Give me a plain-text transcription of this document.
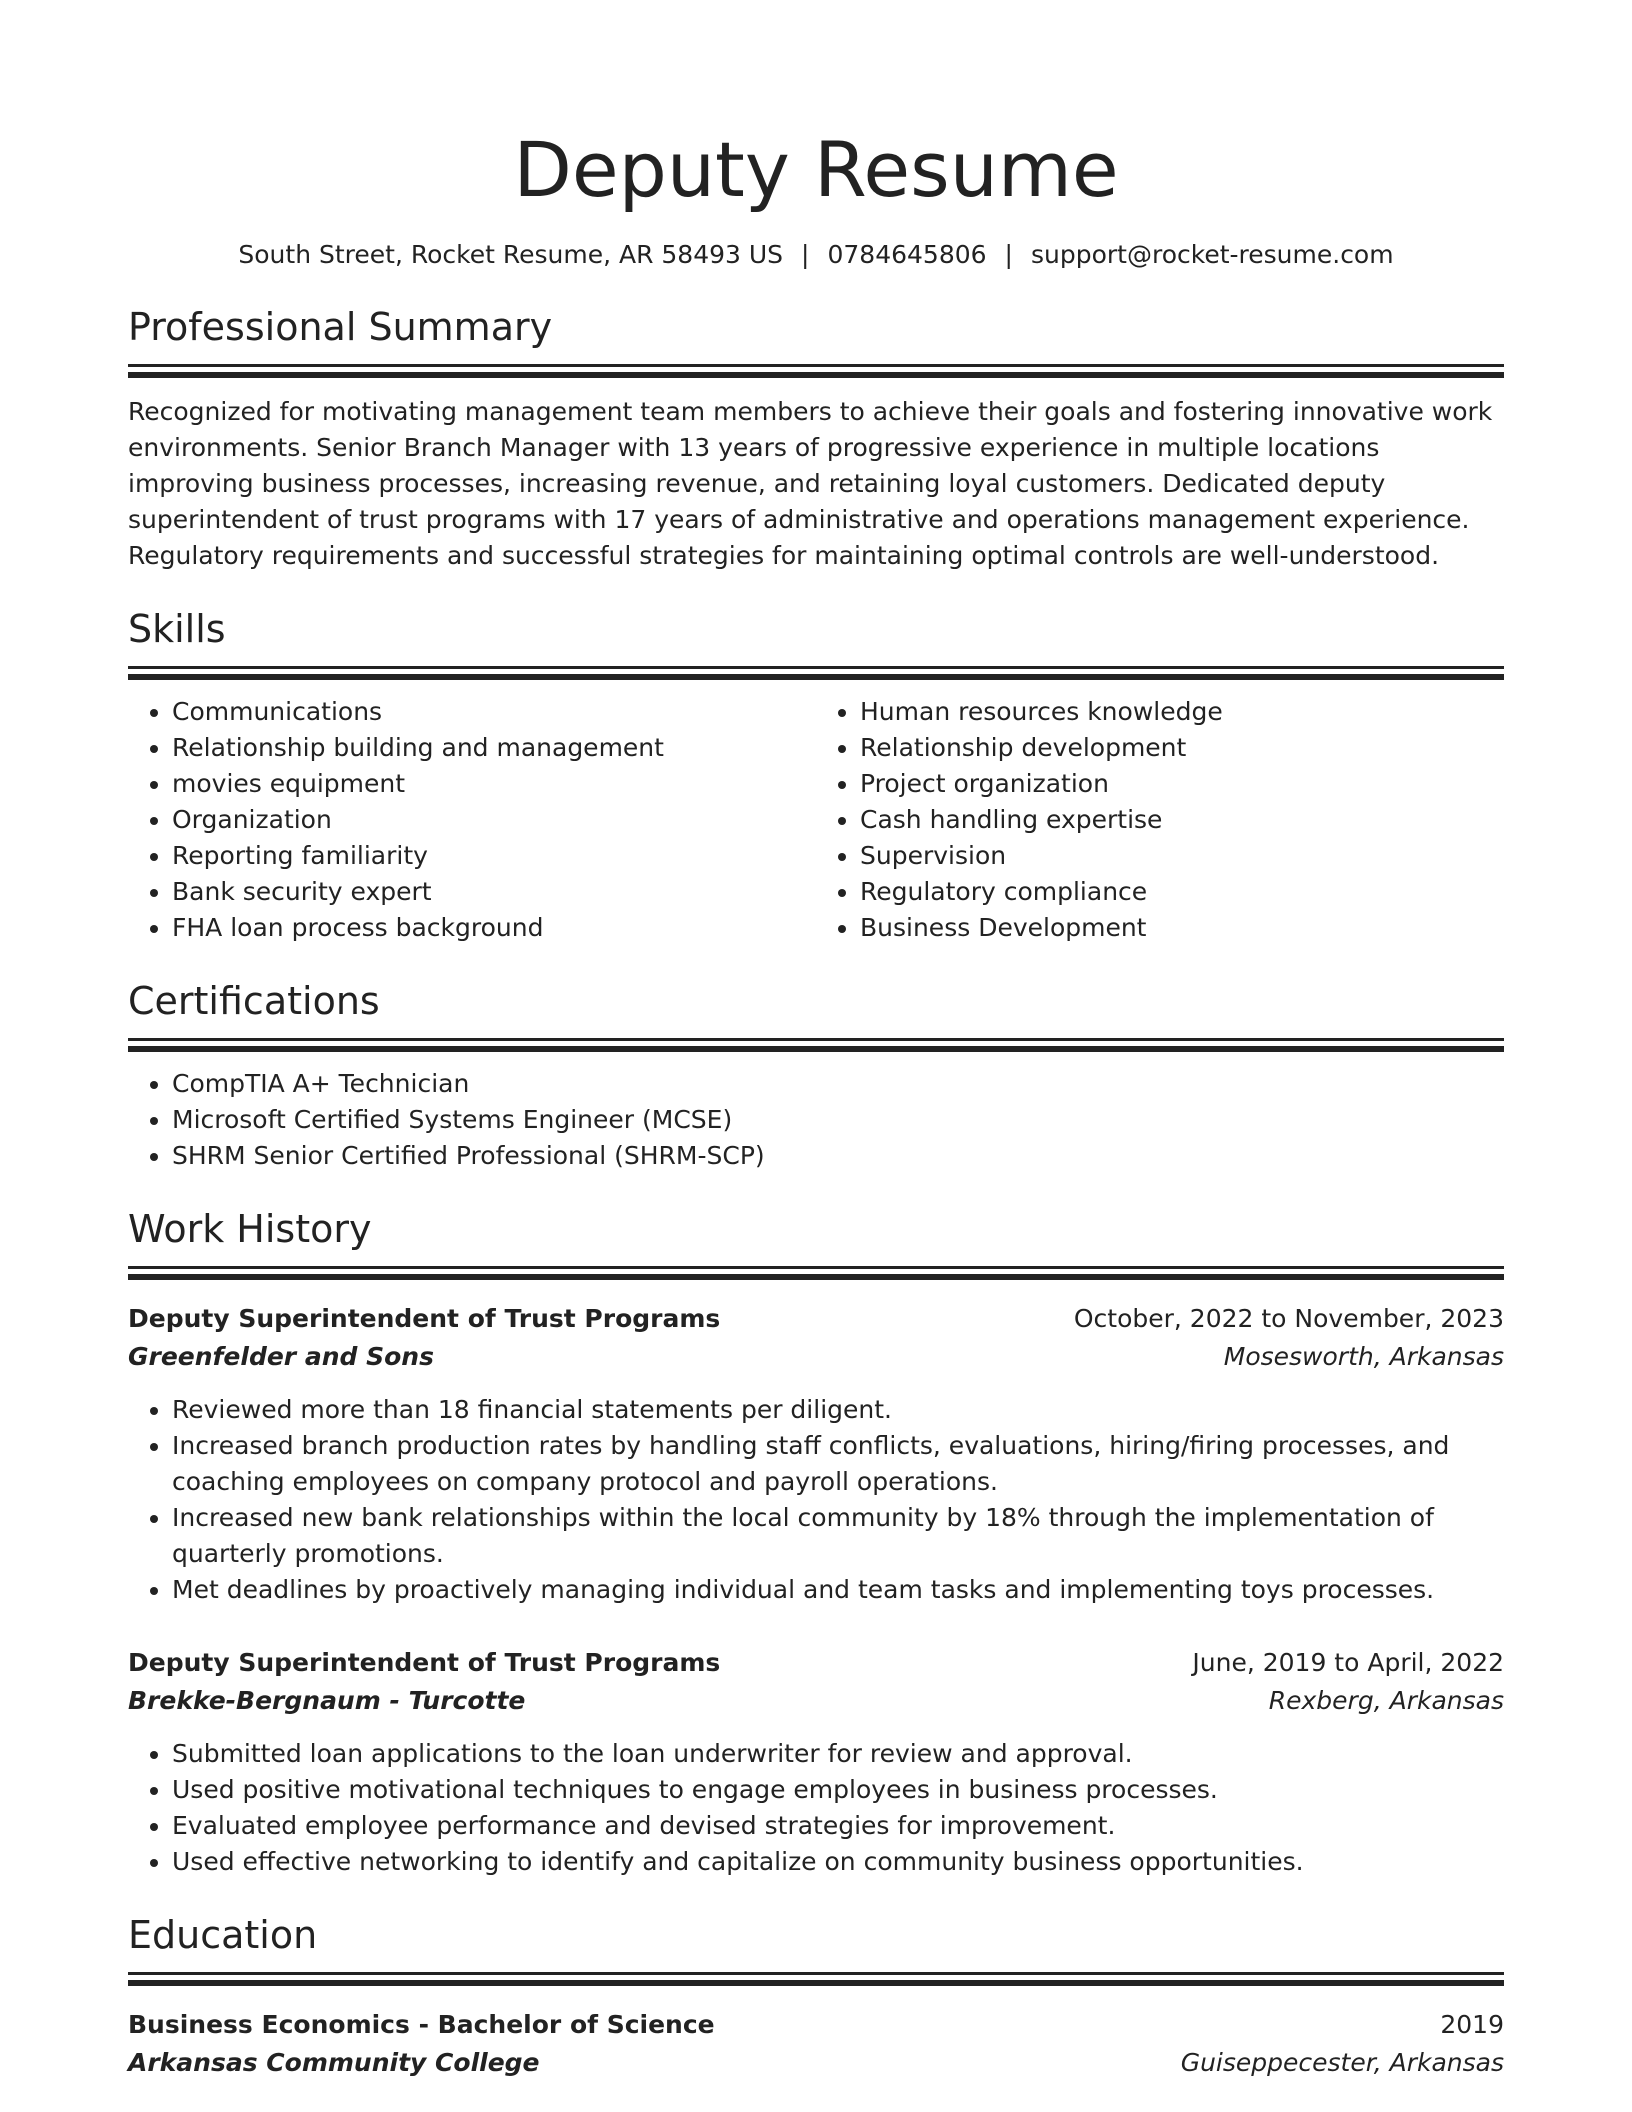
Deputy Resume
South Street, Rocket Resume, AR 58493 US | 0784645806 | support@rocket-resume.com
Professional Summary
Recognized for motivating management team members to achieve their goals and fostering innovative work environments. Senior Branch Manager with 13 years of progressive experience in multiple locations improving business processes, increasing revenue, and retaining loyal customers. Dedicated deputy superintendent of trust programs with 17 years of administrative and operations management experience. Regulatory requirements and successful strategies for maintaining optimal controls are well-understood.
Skills
• Communications
• Relationship building and management
• movies equipment
• Organization
• Reporting familiarity
• Bank security expert
• FHA loan process background
• Human resources knowledge
• Relationship development
• Project organization
• Cash handling expertise
• Supervision
• Regulatory compliance
• Business Development
Certifications
• CompTIA A+ Technician
• Microsoft Certified Systems Engineer (MCSE)
• SHRM Senior Certified Professional (SHRM-SCP)
Work History
Deputy Superintendent of Trust Programs	October, 2022 to November, 2023
Greenfelder and Sons	Mosesworth, Arkansas
• Reviewed more than 18 financial statements per diligent.
• Increased branch production rates by handling staff conflicts, evaluations, hiring/firing processes, and coaching employees on company protocol and payroll operations.
• Increased new bank relationships within the local community by 18% through the implementation of quarterly promotions.
• Met deadlines by proactively managing individual and team tasks and implementing toys processes.
Deputy Superintendent of Trust Programs	June, 2019 to April, 2022
Brekke-Bergnaum - Turcotte	Rexberg, Arkansas
• Submitted loan applications to the loan underwriter for review and approval.
• Used positive motivational techniques to engage employees in business processes.
• Evaluated employee performance and devised strategies for improvement.
• Used effective networking to identify and capitalize on community business opportunities.
Education
Business Economics - Bachelor of Science	2019
Arkansas Community College	Guiseppecester, Arkansas
